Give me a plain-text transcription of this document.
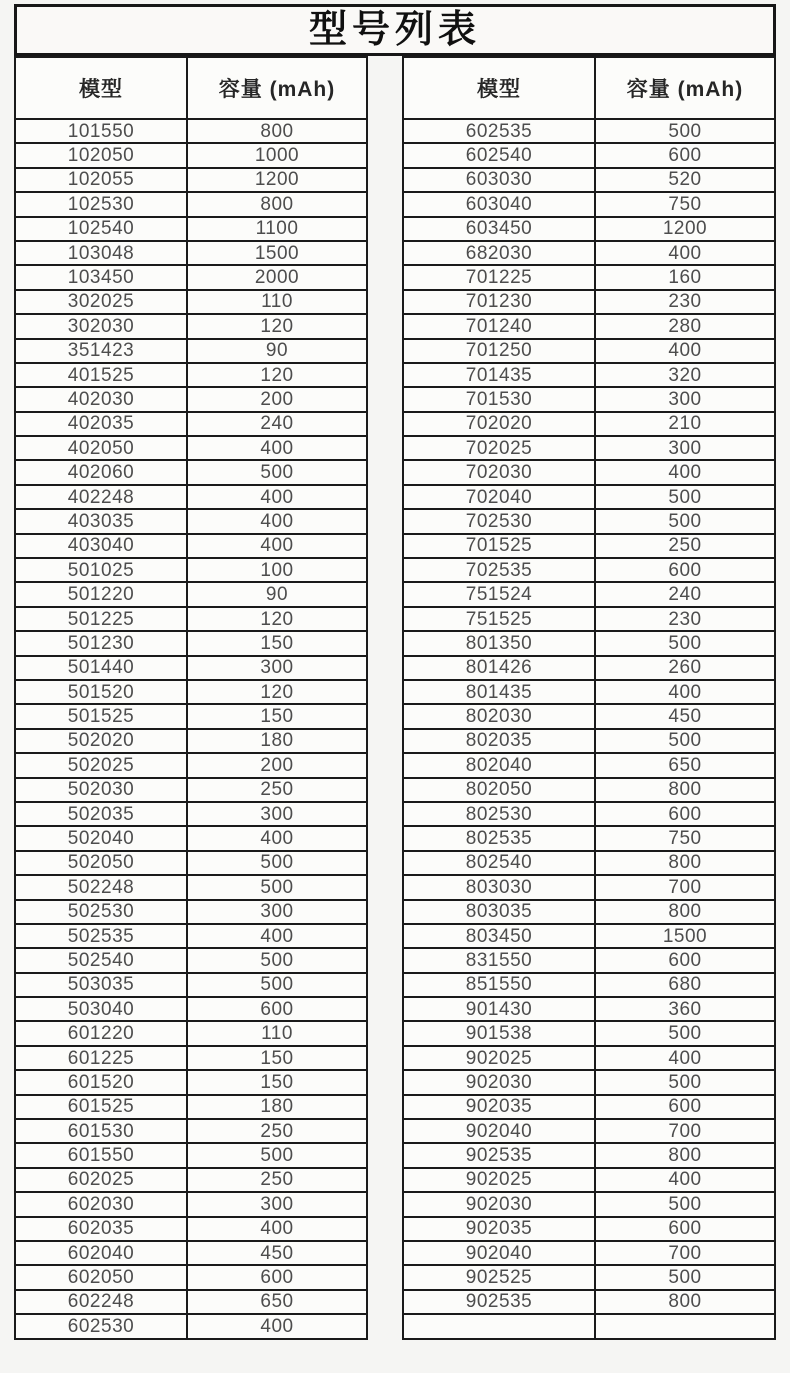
型号列表
模型	容量 (mAh)
101550	800
102050	1000
102055	1200
102530	800
102540	1100
103048	1500
103450	2000
302025	110
302030	120
351423	90
401525	120
402030	200
402035	240
402050	400
402060	500
402248	400
403035	400
403040	400
501025	100
501220	90
501225	120
501230	150
501440	300
501520	120
501525	150
502020	180
502025	200
502030	250
502035	300
502040	400
502050	500
502248	500
502530	300
502535	400
502540	500
503035	500
503040	600
601220	110
601225	150
601520	150
601525	180
601530	250
601550	500
602025	250
602030	300
602035	400
602040	450
602050	600
602248	650
602530	400
模型	容量 (mAh)
602535	500
602540	600
603030	520
603040	750
603450	1200
682030	400
701225	160
701230	230
701240	280
701250	400
701435	320
701530	300
702020	210
702025	300
702030	400
702040	500
702530	500
701525	250
702535	600
751524	240
751525	230
801350	500
801426	260
801435	400
802030	450
802035	500
802040	650
802050	800
802530	600
802535	750
802540	800
803030	700
803035	800
803450	1500
831550	600
851550	680
901430	360
901538	500
902025	400
902030	500
902035	600
902040	700
902535	800
902025	400
902030	500
902035	600
902040	700
902525	500
902535	800
